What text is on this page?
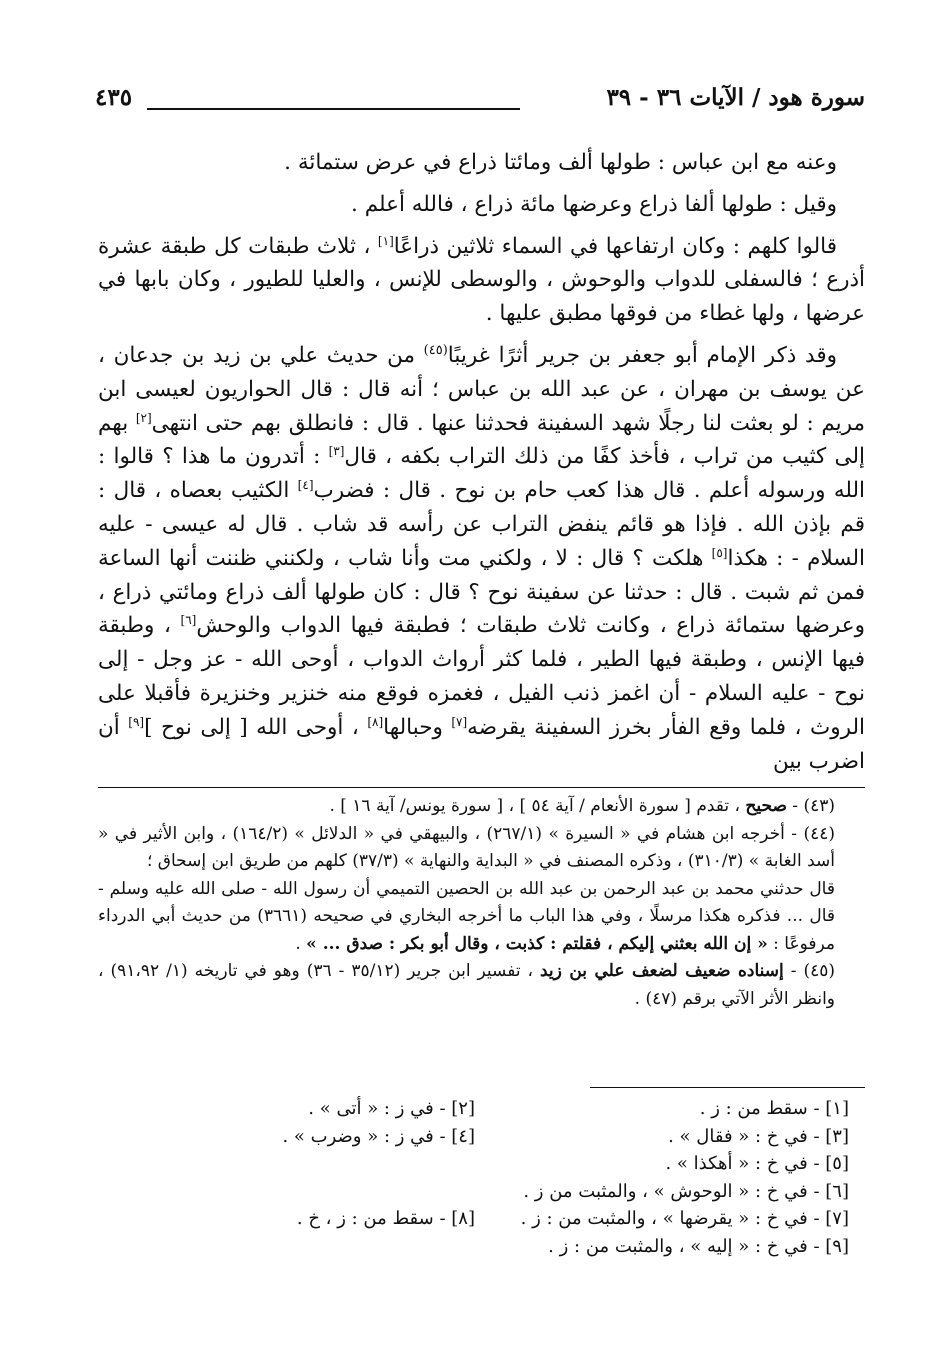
سورة هود / الآيات ٣٦ - ٣٩
٤٣٥

وعنه مع ابن عباس : طولها ألف ومائتا ذراع في عرض ستمائة .

وقيل : طولها ألفا ذراع وعرضها مائة ذراع ، فالله أعلم .

قالوا كلهم : وكان ارتفاعها في السماء ثلاثين ذراعًا[١] ، ثلاث طبقات كل طبقة عشرة أذرع ؛ فالسفلى للدواب والوحوش ، والوسطى للإنس ، والعليا للطيور ، وكان بابها في عرضها ، ولها غطاء من فوقها مطبق عليها .

وقد ذكر الإمام أبو جعفر بن جرير أثرًا غريبًا$^{(٤٥)}$ من حديث علي بن زيد بن جدعان ، عن يوسف بن مهران ، عن عبد الله بن عباس ؛ أنه قال : قال الحواريون لعيسى ابن مريم : لو بعثت لنا رجلًا شهد السفينة فحدثنا عنها . قال : فانطلق بهم حتى انتهى[٢] بهم إلى كثيب من تراب ، فأخذ كفًا من ذلك التراب بكفه ، قال[٣] : أتدرون ما هذا ؟ قالوا : الله ورسوله أعلم . قال هذا كعب حام بن نوح . قال : فضرب[٤] الكثيب بعصاه ، قال : قم بإذن الله . فإذا هو قائم ينفض التراب عن رأسه قد شاب . قال له عيسى - عليه السلام - : هكذا[٥] هلكت ؟ قال : لا ، ولكني مت وأنا شاب ، ولكنني ظننت أنها الساعة فمن ثم شبت . قال : حدثنا عن سفينة نوح ؟ قال : كان طولها ألف ذراع ومائتي ذراع ، وعرضها ستمائة ذراع ، وكانت ثلاث طبقات ؛ فطبقة فيها الدواب والوحش[٦] ، وطبقة فيها الإنس ، وطبقة فيها الطير ، فلما كثر أرواث الدواب ، أوحى الله - عز وجل - إلى نوح - عليه السلام - أن اغمز ذنب الفيل ، فغمزه فوقع منه خنزير وخنزيرة فأقبلا على الروث ، فلما وقع الفأر بخرز السفينة يقرضه[٧] وحبالها[٨] ، أوحى الله [ إلى نوح ][٩] أن اضرب بين

(٤٣) - صحيح ، تقدم [ سورة الأنعام / آية ٥٤ ] ، [ سورة يونس/ آية ١٦ ] .

(٤٤) - أخرجه ابن هشام في « السيرة » (٢٦٧/١) ، والبيهقي في « الدلائل » (١٦٤/٢) ، وابن الأثير في « أسد الغابة » (٣١٠/٣) ، وذكره المصنف في « البداية والنهاية » (٣٧/٣) كلهم من طريق ابن إسحاق ؛

قال حدثني محمد بن عبد الرحمن بن عبد الله بن الحصين التميمي أن رسول الله - صلى الله عليه وسلم - قال ... فذكره هكذا مرسلًا ، وفي هذا الباب ما أخرجه البخاري في صحيحه (٣٦٦١) من حديث أبي الدرداء مرفوعًا : « إن الله بعثني إليكم ، فقلتم : كذبت ، وقال أبو بكر : صدق ... » .

(٤٥) - إسناده ضعيف لضعف علي بن زيد ، تفسير ابن جرير (٣٥/١٢ - ٣٦) وهو في تاريخه (١/ ٩١،٩٢) ، وانظر الأثر الآتي برقم (٤٧) .

[١] - سقط من : ز .
[٢] - في ز : « أتى » .
[٣] - في خ : « فقال » .
[٤] - في ز : « وضرب » .
[٥] - في خ : « أهكذا » .
[٦] - في خ : « الوحوش » ، والمثبت من ز .
[٧] - في خ : « يقرضها » ، والمثبت من : ز .
[٨] - سقط من : ز ، خ .
[٩] - في خ : « إليه » ، والمثبت من : ز .
